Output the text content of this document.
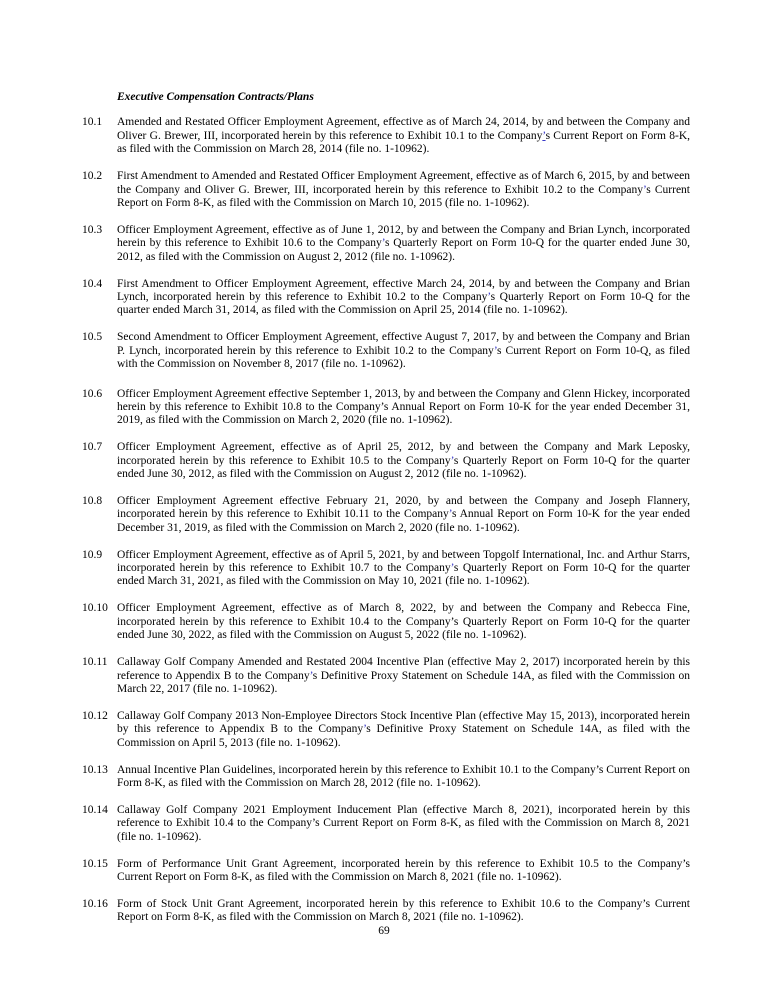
Executive Compensation Contracts/Plans
10.1	Amended and Restated Officer Employment Agreement, effective as of March 24, 2014, by and between the Company and Oliver G. Brewer, III, incorporated herein by this reference to Exhibit 10.1 to the Company’s Current Report on Form 8-K, as filed with the Commission on March 28, 2014 (file no. 1-10962).
10.2	First Amendment to Amended and Restated Officer Employment Agreement, effective as of March 6, 2015, by and between the Company and Oliver G. Brewer, III, incorporated herein by this reference to Exhibit 10.2 to the Company’s Current Report on Form 8-K, as filed with the Commission on March 10, 2015 (file no. 1-10962).
10.3	Officer Employment Agreement, effective as of June 1, 2012, by and between the Company and Brian Lynch, incorporated herein by this reference to Exhibit 10.6 to the Company’s Quarterly Report on Form 10-Q for the quarter ended June 30, 2012, as filed with the Commission on August 2, 2012 (file no. 1-10962).
10.4	First Amendment to Officer Employment Agreement, effective March 24, 2014, by and between the Company and Brian Lynch, incorporated herein by this reference to Exhibit 10.2 to the Company’s Quarterly Report on Form 10-Q for the quarter ended March 31, 2014, as filed with the Commission on April 25, 2014 (file no. 1-10962).
10.5	Second Amendment to Officer Employment Agreement, effective August 7, 2017, by and between the Company and Brian P. Lynch, incorporated herein by this reference to Exhibit 10.2 to the Company’s Current Report on Form 10-Q, as filed with the Commission on November 8, 2017 (file no. 1-10962).
10.6	Officer Employment Agreement effective September 1, 2013, by and between the Company and Glenn Hickey, incorporated herein by this reference to Exhibit 10.8 to the Company’s Annual Report on Form 10-K for the year ended December 31, 2019, as filed with the Commission on March 2, 2020 (file no. 1-10962).
10.7	Officer Employment Agreement, effective as of April 25, 2012, by and between the Company and Mark Leposky, incorporated herein by this reference to Exhibit 10.5 to the Company’s Quarterly Report on Form 10-Q for the quarter ended June 30, 2012, as filed with the Commission on August 2, 2012 (file no. 1-10962).
10.8	Officer Employment Agreement effective February 21, 2020, by and between the Company and Joseph Flannery, incorporated herein by this reference to Exhibit 10.11 to the Company’s Annual Report on Form 10-K for the year ended December 31, 2019, as filed with the Commission on March 2, 2020 (file no. 1-10962).
10.9	Officer Employment Agreement, effective as of April 5, 2021, by and between Topgolf International, Inc. and Arthur Starrs, incorporated herein by this reference to Exhibit 10.7 to the Company’s Quarterly Report on Form 10-Q for the quarter ended March 31, 2021, as filed with the Commission on May 10, 2021 (file no. 1-10962).
10.10 Officer Employment Agreement, effective as of March 8, 2022, by and between the Company and Rebecca Fine, incorporated herein by this reference to Exhibit 10.4 to the Company’s Quarterly Report on Form 10-Q for the quarter ended June 30, 2022, as filed with the Commission on August 5, 2022 (file no. 1-10962).
10.11 Callaway Golf Company Amended and Restated 2004 Incentive Plan (effective May 2, 2017) incorporated herein by this reference to Appendix B to the Company’s Definitive Proxy Statement on Schedule 14A, as filed with the Commission on March 22, 2017 (file no. 1-10962).
10.12 Callaway Golf Company 2013 Non-Employee Directors Stock Incentive Plan (effective May 15, 2013), incorporated herein by this reference to Appendix B to the Company’s Definitive Proxy Statement on Schedule 14A, as filed with the Commission on April 5, 2013 (file no. 1-10962).
10.13 Annual Incentive Plan Guidelines, incorporated herein by this reference to Exhibit 10.1 to the Company’s Current Report on Form 8-K, as filed with the Commission on March 28, 2012 (file no. 1-10962).
10.14 Callaway Golf Company 2021 Employment Inducement Plan (effective March 8, 2021), incorporated herein by this reference to Exhibit 10.4 to the Company’s Current Report on Form 8-K, as filed with the Commission on March 8, 2021 (file no. 1-10962).
10.15 Form of Performance Unit Grant Agreement, incorporated herein by this reference to Exhibit 10.5 to the Company’s Current Report on Form 8-K, as filed with the Commission on March 8, 2021 (file no. 1-10962).
10.16 Form of Stock Unit Grant Agreement, incorporated herein by this reference to Exhibit 10.6 to the Company’s Current Report on Form 8-K, as filed with the Commission on March 8, 2021 (file no. 1-10962).
69
